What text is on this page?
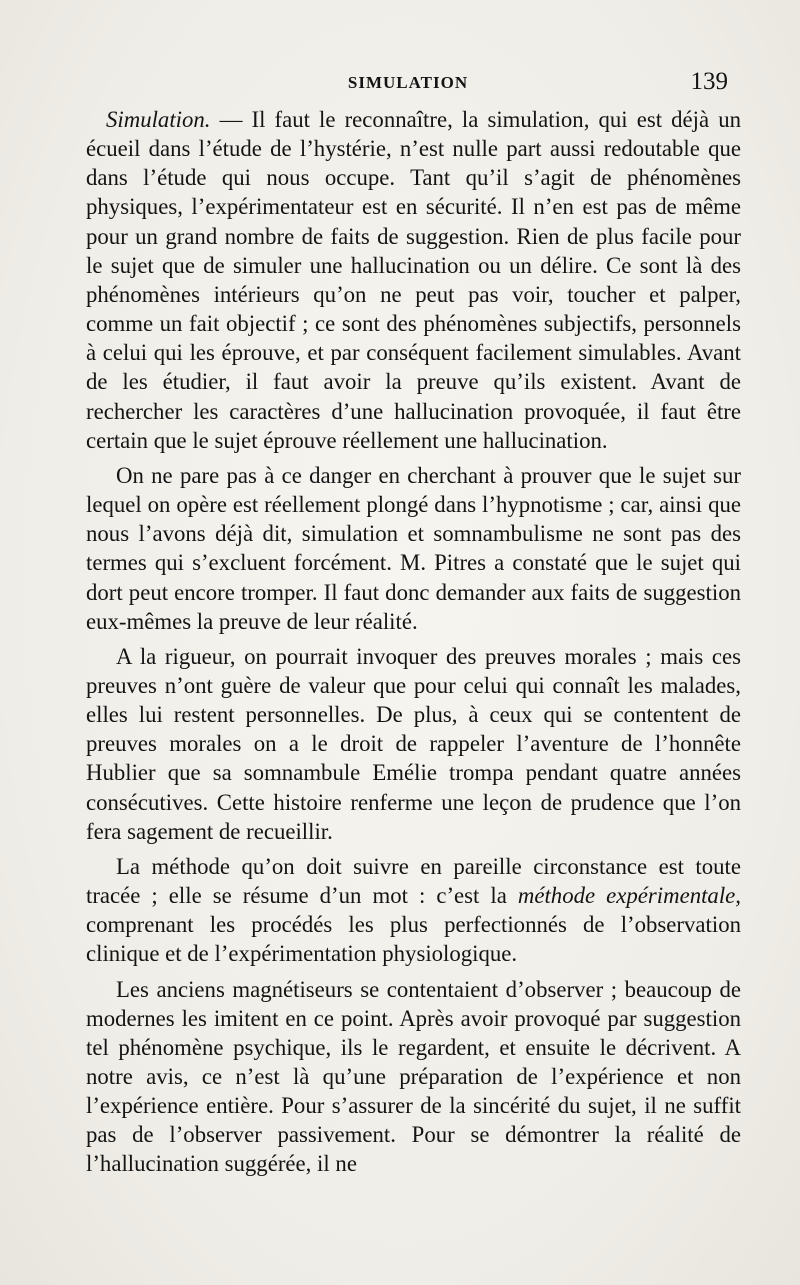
SIMULATION	139

Simulation. — Il faut le reconnaître, la simulation, qui est déjà un écueil dans l’étude de l’hystérie, n’est nulle part aussi redoutable que dans l’étude qui nous occupe. Tant qu’il s’agit de phénomènes physiques, l’expérimentateur est en sécurité. Il n’en est pas de même pour un grand nombre de faits de suggestion. Rien de plus facile pour le sujet que de simuler une hallucination ou un délire. Ce sont là des phénomènes intérieurs qu’on ne peut pas voir, toucher et palper, comme un fait objectif ; ce sont des phénomènes subjectifs, personnels à celui qui les éprouve, et par conséquent facilement simulables. Avant de les étudier, il faut avoir la preuve qu’ils existent. Avant de rechercher les caractères d’une hallucination provoquée, il faut être certain que le sujet éprouve réellement une hallucination.

On ne pare pas à ce danger en cherchant à prouver que le sujet sur lequel on opère est réellement plongé dans l’hypnotisme ; car, ainsi que nous l’avons déjà dit, simulation et somnambulisme ne sont pas des termes qui s’excluent forcément. M. Pitres a constaté que le sujet qui dort peut encore tromper. Il faut donc demander aux faits de suggestion eux-mêmes la preuve de leur réalité.

A la rigueur, on pourrait invoquer des preuves morales ; mais ces preuves n’ont guère de valeur que pour celui qui connaît les malades, elles lui restent personnelles. De plus, à ceux qui se contentent de preuves morales on a le droit de rappeler l’aventure de l’honnête Hublier que sa somnambule Emélie trompa pendant quatre années consécutives. Cette histoire renferme une leçon de prudence que l’on fera sagement de recueillir.

La méthode qu’on doit suivre en pareille circonstance est toute tracée ; elle se résume d’un mot : c’est la méthode expérimentale, comprenant les procédés les plus perfectionnés de l’observation clinique et de l’expérimentation physiologique.

Les anciens magnétiseurs se contentaient d’observer ; beaucoup de modernes les imitent en ce point. Après avoir provoqué par suggestion tel phénomène psychique, ils le regardent, et ensuite le décrivent. A notre avis, ce n’est là qu’une préparation de l’expérience et non l’expérience entière. Pour s’assurer de la sincérité du sujet, il ne suffit pas de l’observer passivement. Pour se démontrer la réalité de l’hallucination suggérée, il ne
